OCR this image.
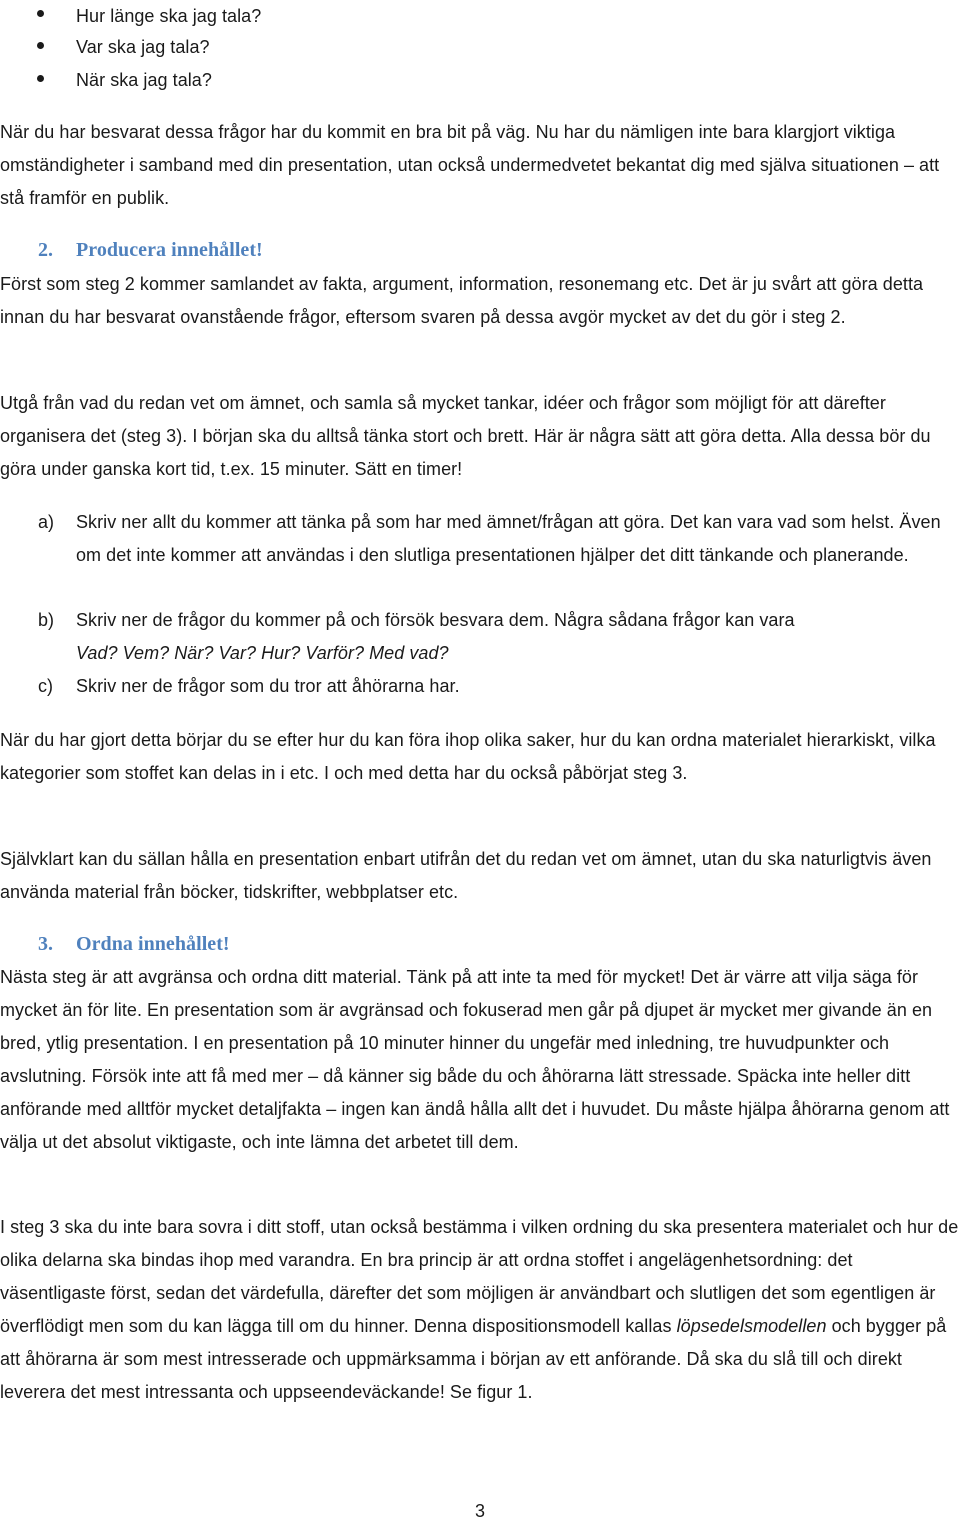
Hur länge ska jag tala?
Var ska jag tala?
När ska jag tala?

När du har besvarat dessa frågor har du kommit en bra bit på väg. Nu har du nämligen inte bara klargjort viktiga omständigheter i samband med din presentation, utan också undermedvetet bekantat dig med själva situationen – att stå framför en publik.

2. Producera innehållet!

Först som steg 2 kommer samlandet av fakta, argument, information, resonemang etc. Det är ju svårt att göra detta innan du har besvarat ovanstående frågor, eftersom svaren på dessa avgör mycket av det du gör i steg 2.

Utgå från vad du redan vet om ämnet, och samla så mycket tankar, idéer och frågor som möjligt för att därefter organisera det (steg 3). I början ska du alltså tänka stort och brett. Här är några sätt att göra detta. Alla dessa bör du göra under ganska kort tid, t.ex. 15 minuter. Sätt en timer!

a) Skriv ner allt du kommer att tänka på som har med ämnet/frågan att göra. Det kan vara vad som helst. Även om det inte kommer att användas i den slutliga presentationen hjälper det ditt tänkande och planerande.

b) Skriv ner de frågor du kommer på och försök besvara dem. Några sådana frågor kan vara
Vad? Vem? När? Var? Hur? Varför? Med vad?

c) Skriv ner de frågor som du tror att åhörarna har.

När du har gjort detta börjar du se efter hur du kan föra ihop olika saker, hur du kan ordna materialet hierarkiskt, vilka kategorier som stoffet kan delas in i etc. I och med detta har du också påbörjat steg 3.

Självklart kan du sällan hålla en presentation enbart utifrån det du redan vet om ämnet, utan du ska naturligtvis även använda material från böcker, tidskrifter, webbplatser etc.

3. Ordna innehållet!

Nästa steg är att avgränsa och ordna ditt material. Tänk på att inte ta med för mycket! Det är värre att vilja säga för mycket än för lite. En presentation som är avgränsad och fokuserad men går på djupet är mycket mer givande än en bred, ytlig presentation. I en presentation på 10 minuter hinner du ungefär med inledning, tre huvudpunkter och avslutning. Försök inte att få med mer – då känner sig både du och åhörarna lätt stressade. Späcka inte heller ditt anförande med alltför mycket detaljfakta – ingen kan ändå hålla allt det i huvudet. Du måste hjälpa åhörarna genom att välja ut det absolut viktigaste, och inte lämna det arbetet till dem.

I steg 3 ska du inte bara sovra i ditt stoff, utan också bestämma i vilken ordning du ska presentera materialet och hur de olika delarna ska bindas ihop med varandra. En bra princip är att ordna stoffet i angelägenhetsordning: det väsentligaste först, sedan det värdefulla, därefter det som möjligen är användbart och slutligen det som egentligen är överflödigt men som du kan lägga till om du hinner. Denna dispositionsmodell kallas löpsedelsmodellen och bygger på att åhörarna är som mest intresserade och uppmärksamma i början av ett anförande. Då ska du slå till och direkt leverera det mest intressanta och uppseendeväckande! Se figur 1.

3
